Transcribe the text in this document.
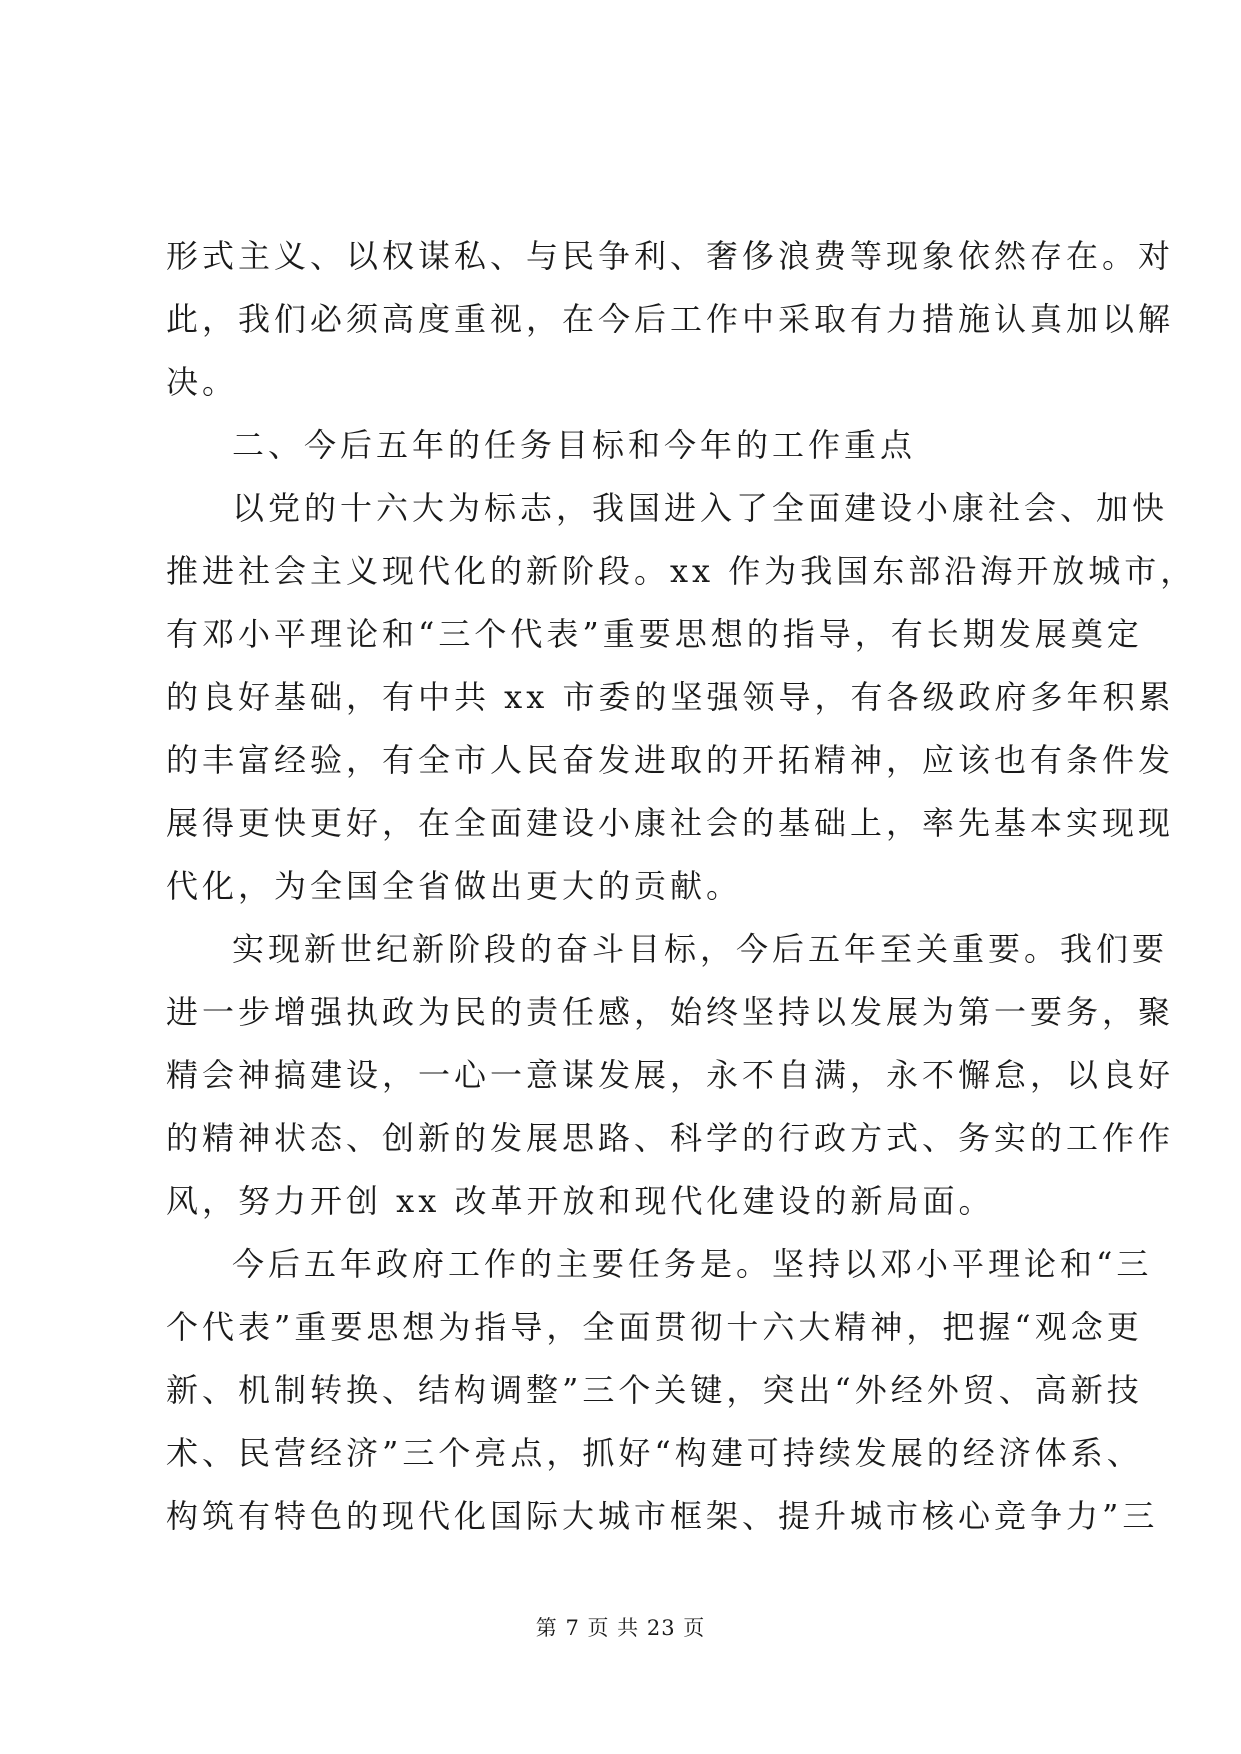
形式主义、以权谋私、与民争利、奢侈浪费等现象依然存在。对
此，我们必须高度重视，在今后工作中采取有力措施认真加以解
决。
二、今后五年的任务目标和今年的工作重点
以党的十六大为标志，我国进入了全面建设小康社会、加快
推进社会主义现代化的新阶段。xx 作为我国东部沿海开放城市，
有邓小平理论和“三个代表”重要思想的指导，有长期发展奠定
的良好基础，有中共 xx 市委的坚强领导，有各级政府多年积累
的丰富经验，有全市人民奋发进取的开拓精神，应该也有条件发
展得更快更好，在全面建设小康社会的基础上，率先基本实现现
代化，为全国全省做出更大的贡献。
实现新世纪新阶段的奋斗目标，今后五年至关重要。我们要
进一步增强执政为民的责任感，始终坚持以发展为第一要务，聚
精会神搞建设，一心一意谋发展，永不自满，永不懈怠，以良好
的精神状态、创新的发展思路、科学的行政方式、务实的工作作
风，努力开创 xx 改革开放和现代化建设的新局面。
今后五年政府工作的主要任务是。坚持以邓小平理论和“三
个代表”重要思想为指导，全面贯彻十六大精神，把握“观念更
新、机制转换、结构调整”三个关键，突出“外经外贸、高新技
术、民营经济”三个亮点，抓好“构建可持续发展的经济体系、
构筑有特色的现代化国际大城市框架、提升城市核心竞争力”三
第 7 页 共 23 页
